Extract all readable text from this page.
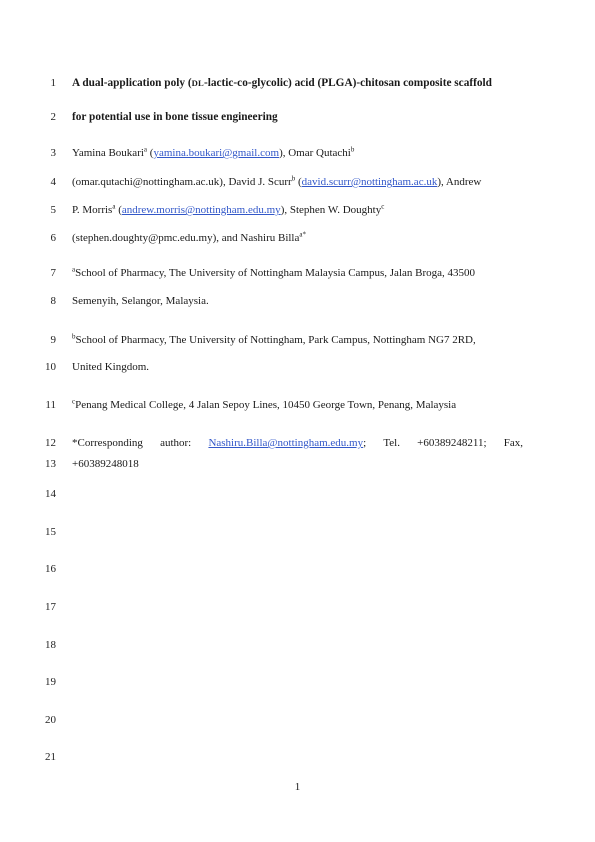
1
2
3
4
5
6
7
8
9
10
11
12
13
14
15
16
17
18
19
20
21
A dual-application poly (DL-lactic-co-glycolic) acid (PLGA)-chitosan composite scaffold
for potential use in bone tissue engineering
Yamina Boukari$^a$ (yamina.boukari@gmail.com), Omar Qutachi$^b$
(omar.qutachi@nottingham.ac.uk), David J. Scurr$^b$ (david.scurr@nottingham.ac.uk), Andrew
P. Morris$^a$ (andrew.morris@nottingham.edu.my), Stephen W. Doughty$^c$
(stephen.doughty@pmc.edu.my), and Nashiru Billa$^{a*}$
$^a$School of Pharmacy, The University of Nottingham Malaysia Campus, Jalan Broga, 43500
Semenyih, Selangor, Malaysia.
$^b$School of Pharmacy, The University of Nottingham, Park Campus, Nottingham NG7 2RD,
United Kingdom.
$^c$Penang Medical College, 4 Jalan Sepoy Lines, 10450 George Town, Penang, Malaysia
*Corresponding author: Nashiru.Billa@nottingham.edu.my; Tel. +60389248211; Fax,
+60389248018
1
